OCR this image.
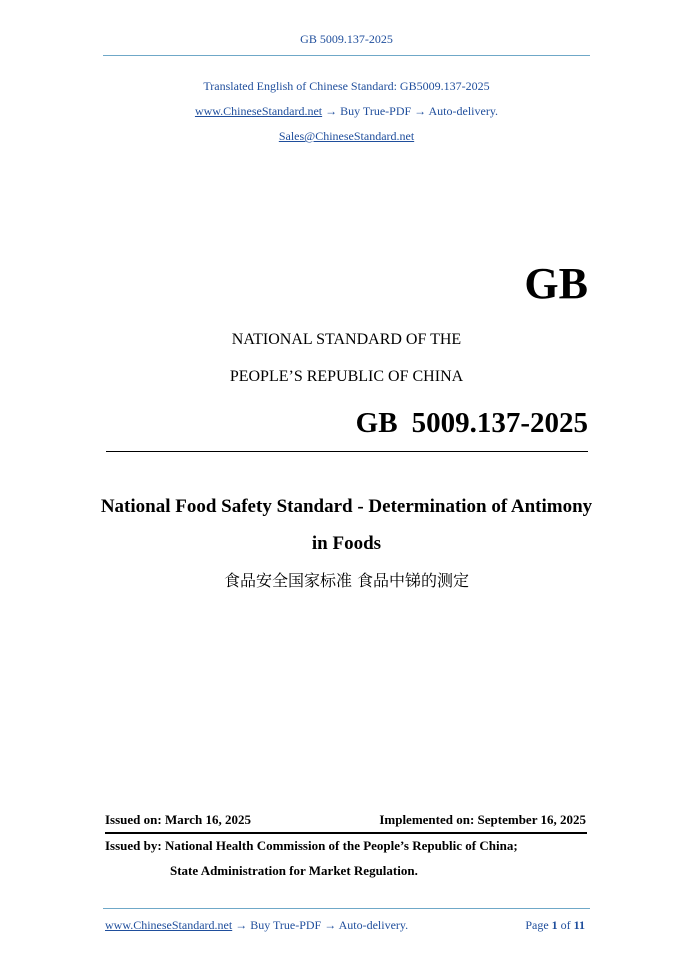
GB 5009.137-2025
Translated English of Chinese Standard: GB5009.137-2025
www.ChineseStandard.net → Buy True-PDF → Auto-delivery.
Sales@ChineseStandard.net
GB
NATIONAL STANDARD OF THE
PEOPLE’S REPUBLIC OF CHINA
GB 5009.137-2025
National Food Safety Standard - Determination of Antimony
in Foods
食品安全国家标准 食品中锑的测定
Issued on: March 16, 2025	Implemented on: September 16, 2025
Issued by: National Health Commission of the People’s Republic of China;
State Administration for Market Regulation.
www.ChineseStandard.net → Buy True-PDF → Auto-delivery.	Page 1 of 11
